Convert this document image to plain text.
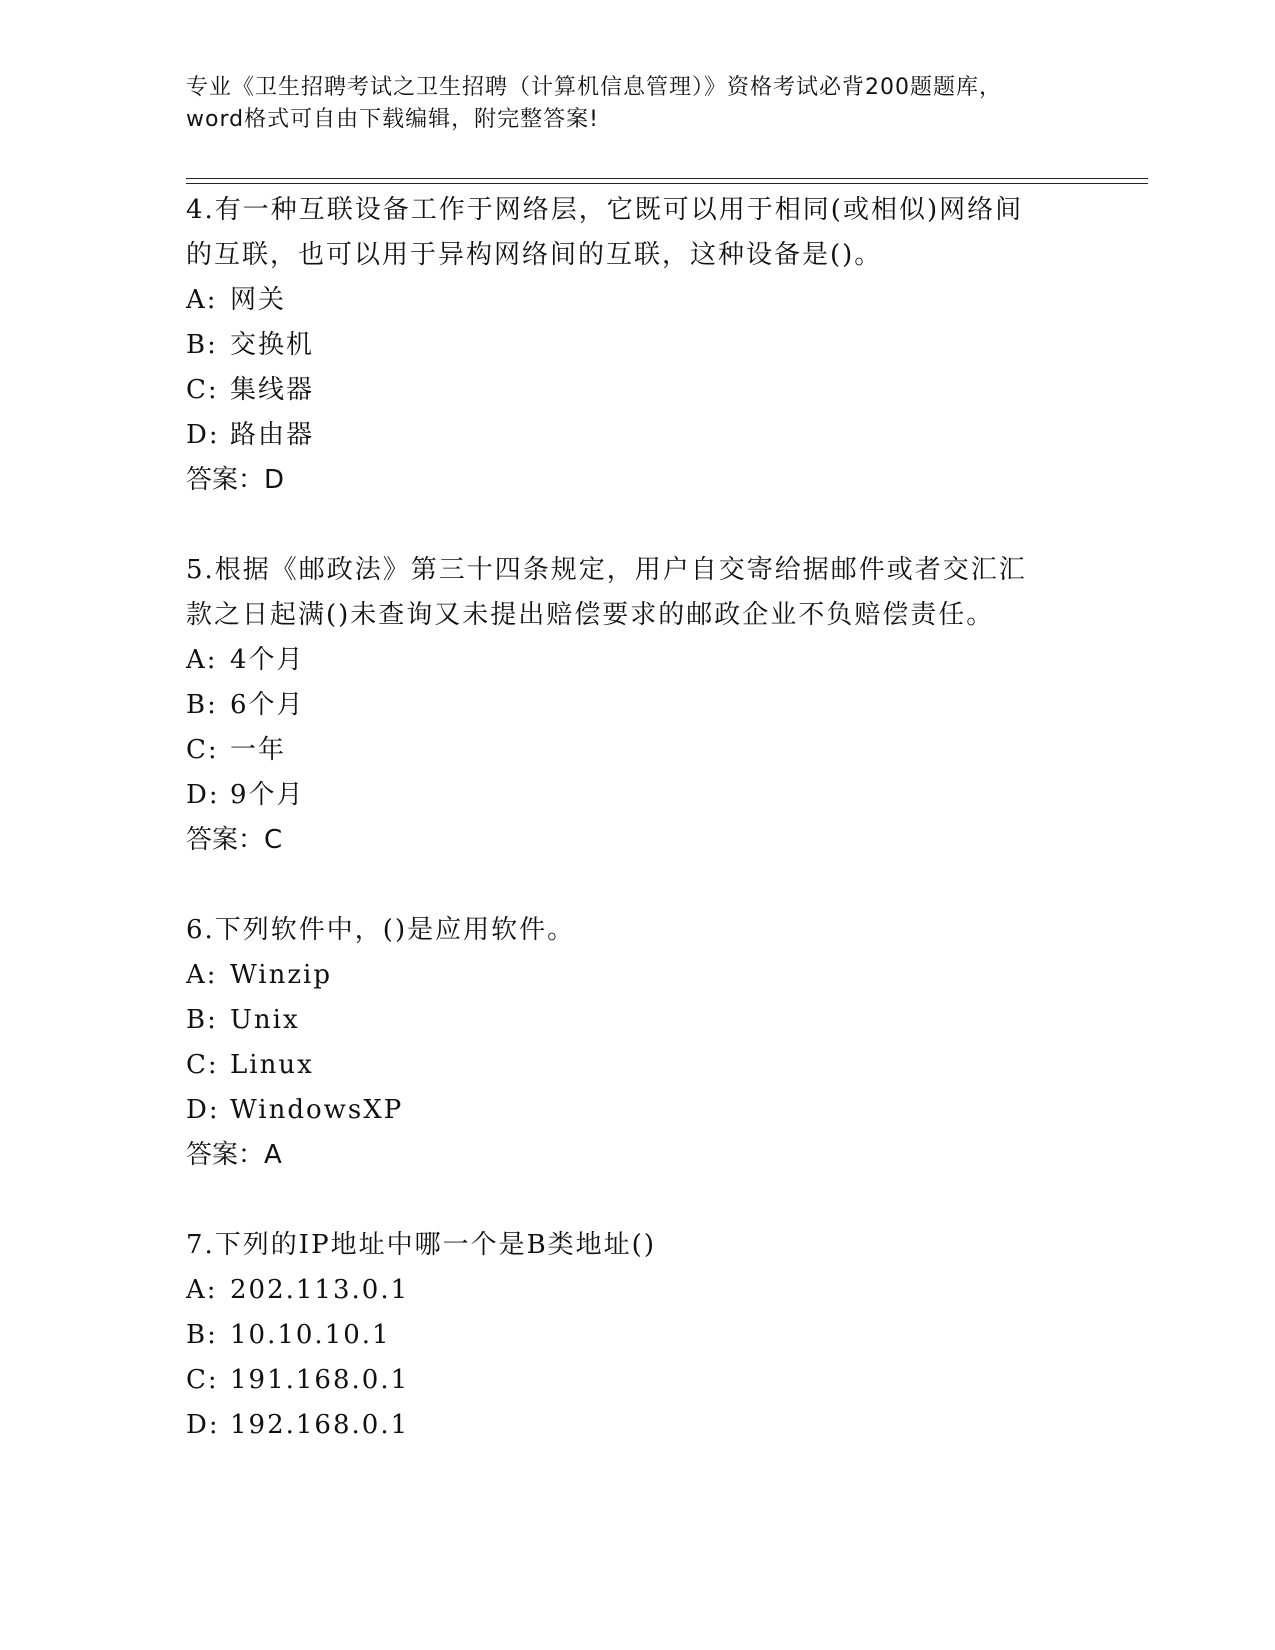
专业《卫生招聘考试之卫生招聘（计算机信息管理）》资格考试必背200题题库，
word格式可自由下载编辑，附完整答案!
4.有一种互联设备工作于网络层，它既可以用于相同(或相似)网络间
的互联，也可以用于异构网络间的互联，这种设备是()。
A: 网关
B: 交换机
C: 集线器
D: 路由器
答案：D
5.根据《邮政法》第三十四条规定，用户自交寄给据邮件或者交汇汇
款之日起满()未查询又未提出赔偿要求的邮政企业不负赔偿责任。
A: 4个月
B: 6个月
C: 一年
D: 9个月
答案：C
6.下列软件中，()是应用软件。
A: Winzip
B: Unix
C: Linux
D: WindowsXP
答案：A
7.下列的IP地址中哪一个是B类地址()
A: 202.113.0.1
B: 10.10.10.1
C: 191.168.0.1
D: 192.168.0.1
